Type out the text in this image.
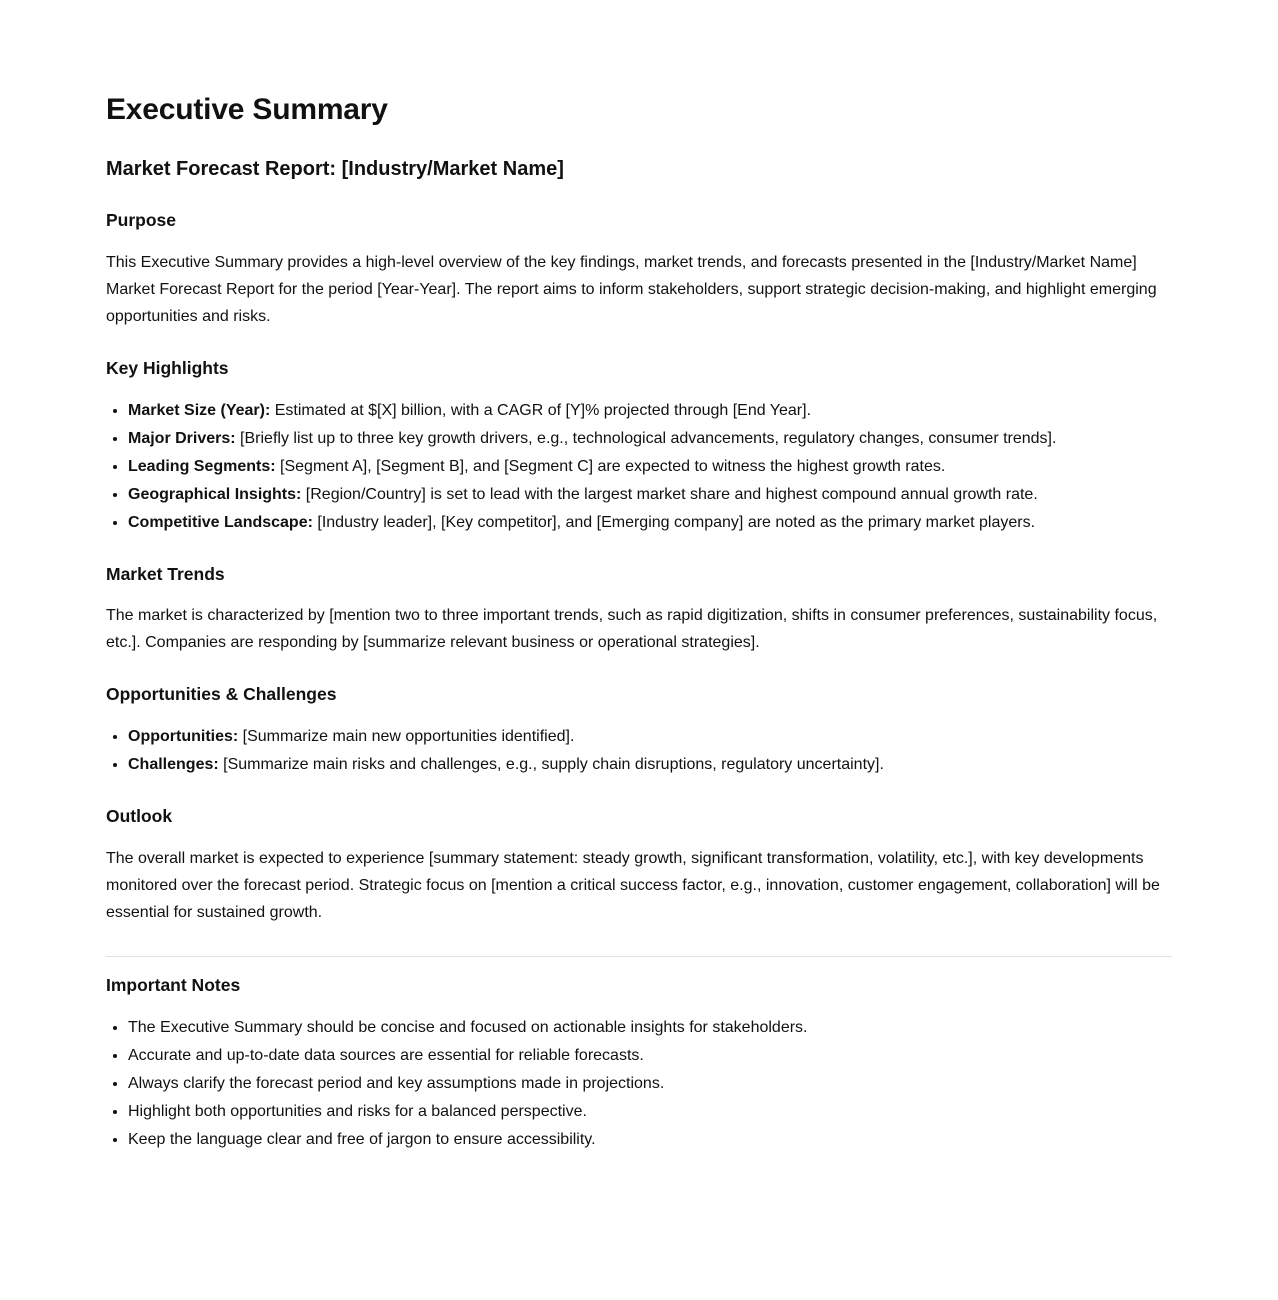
Executive Summary
Market Forecast Report: [Industry/Market Name]
Purpose

This Executive Summary provides a high-level overview of the key findings, market trends, and forecasts presented in the [Industry/Market Name] Market Forecast Report for the period [Year-Year]. The report aims to inform stakeholders, support strategic decision-making, and highlight emerging opportunities and risks.

Key Highlights
• Market Size (Year): Estimated at $[X] billion, with a CAGR of [Y]% projected through [End Year].
• Major Drivers: [Briefly list up to three key growth drivers, e.g., technological advancements, regulatory changes, consumer trends].
• Leading Segments: [Segment A], [Segment B], and [Segment C] are expected to witness the highest growth rates.
• Geographical Insights: [Region/Country] is set to lead with the largest market share and highest compound annual growth rate.
• Competitive Landscape: [Industry leader], [Key competitor], and [Emerging company] are noted as the primary market players.
Market Trends

The market is characterized by [mention two to three important trends, such as rapid digitization, shifts in consumer preferences, sustainability focus, etc.]. Companies are responding by [summarize relevant business or operational strategies].

Opportunities & Challenges
• Opportunities: [Summarize main new opportunities identified].
• Challenges: [Summarize main risks and challenges, e.g., supply chain disruptions, regulatory uncertainty].
Outlook

The overall market is expected to experience [summary statement: steady growth, significant transformation, volatility, etc.], with key developments monitored over the forecast period. Strategic focus on [mention a critical success factor, e.g., innovation, customer engagement, collaboration] will be essential for sustained growth.

Important Notes
• The Executive Summary should be concise and focused on actionable insights for stakeholders.
• Accurate and up-to-date data sources are essential for reliable forecasts.
• Always clarify the forecast period and key assumptions made in projections.
• Highlight both opportunities and risks for a balanced perspective.
• Keep the language clear and free of jargon to ensure accessibility.
